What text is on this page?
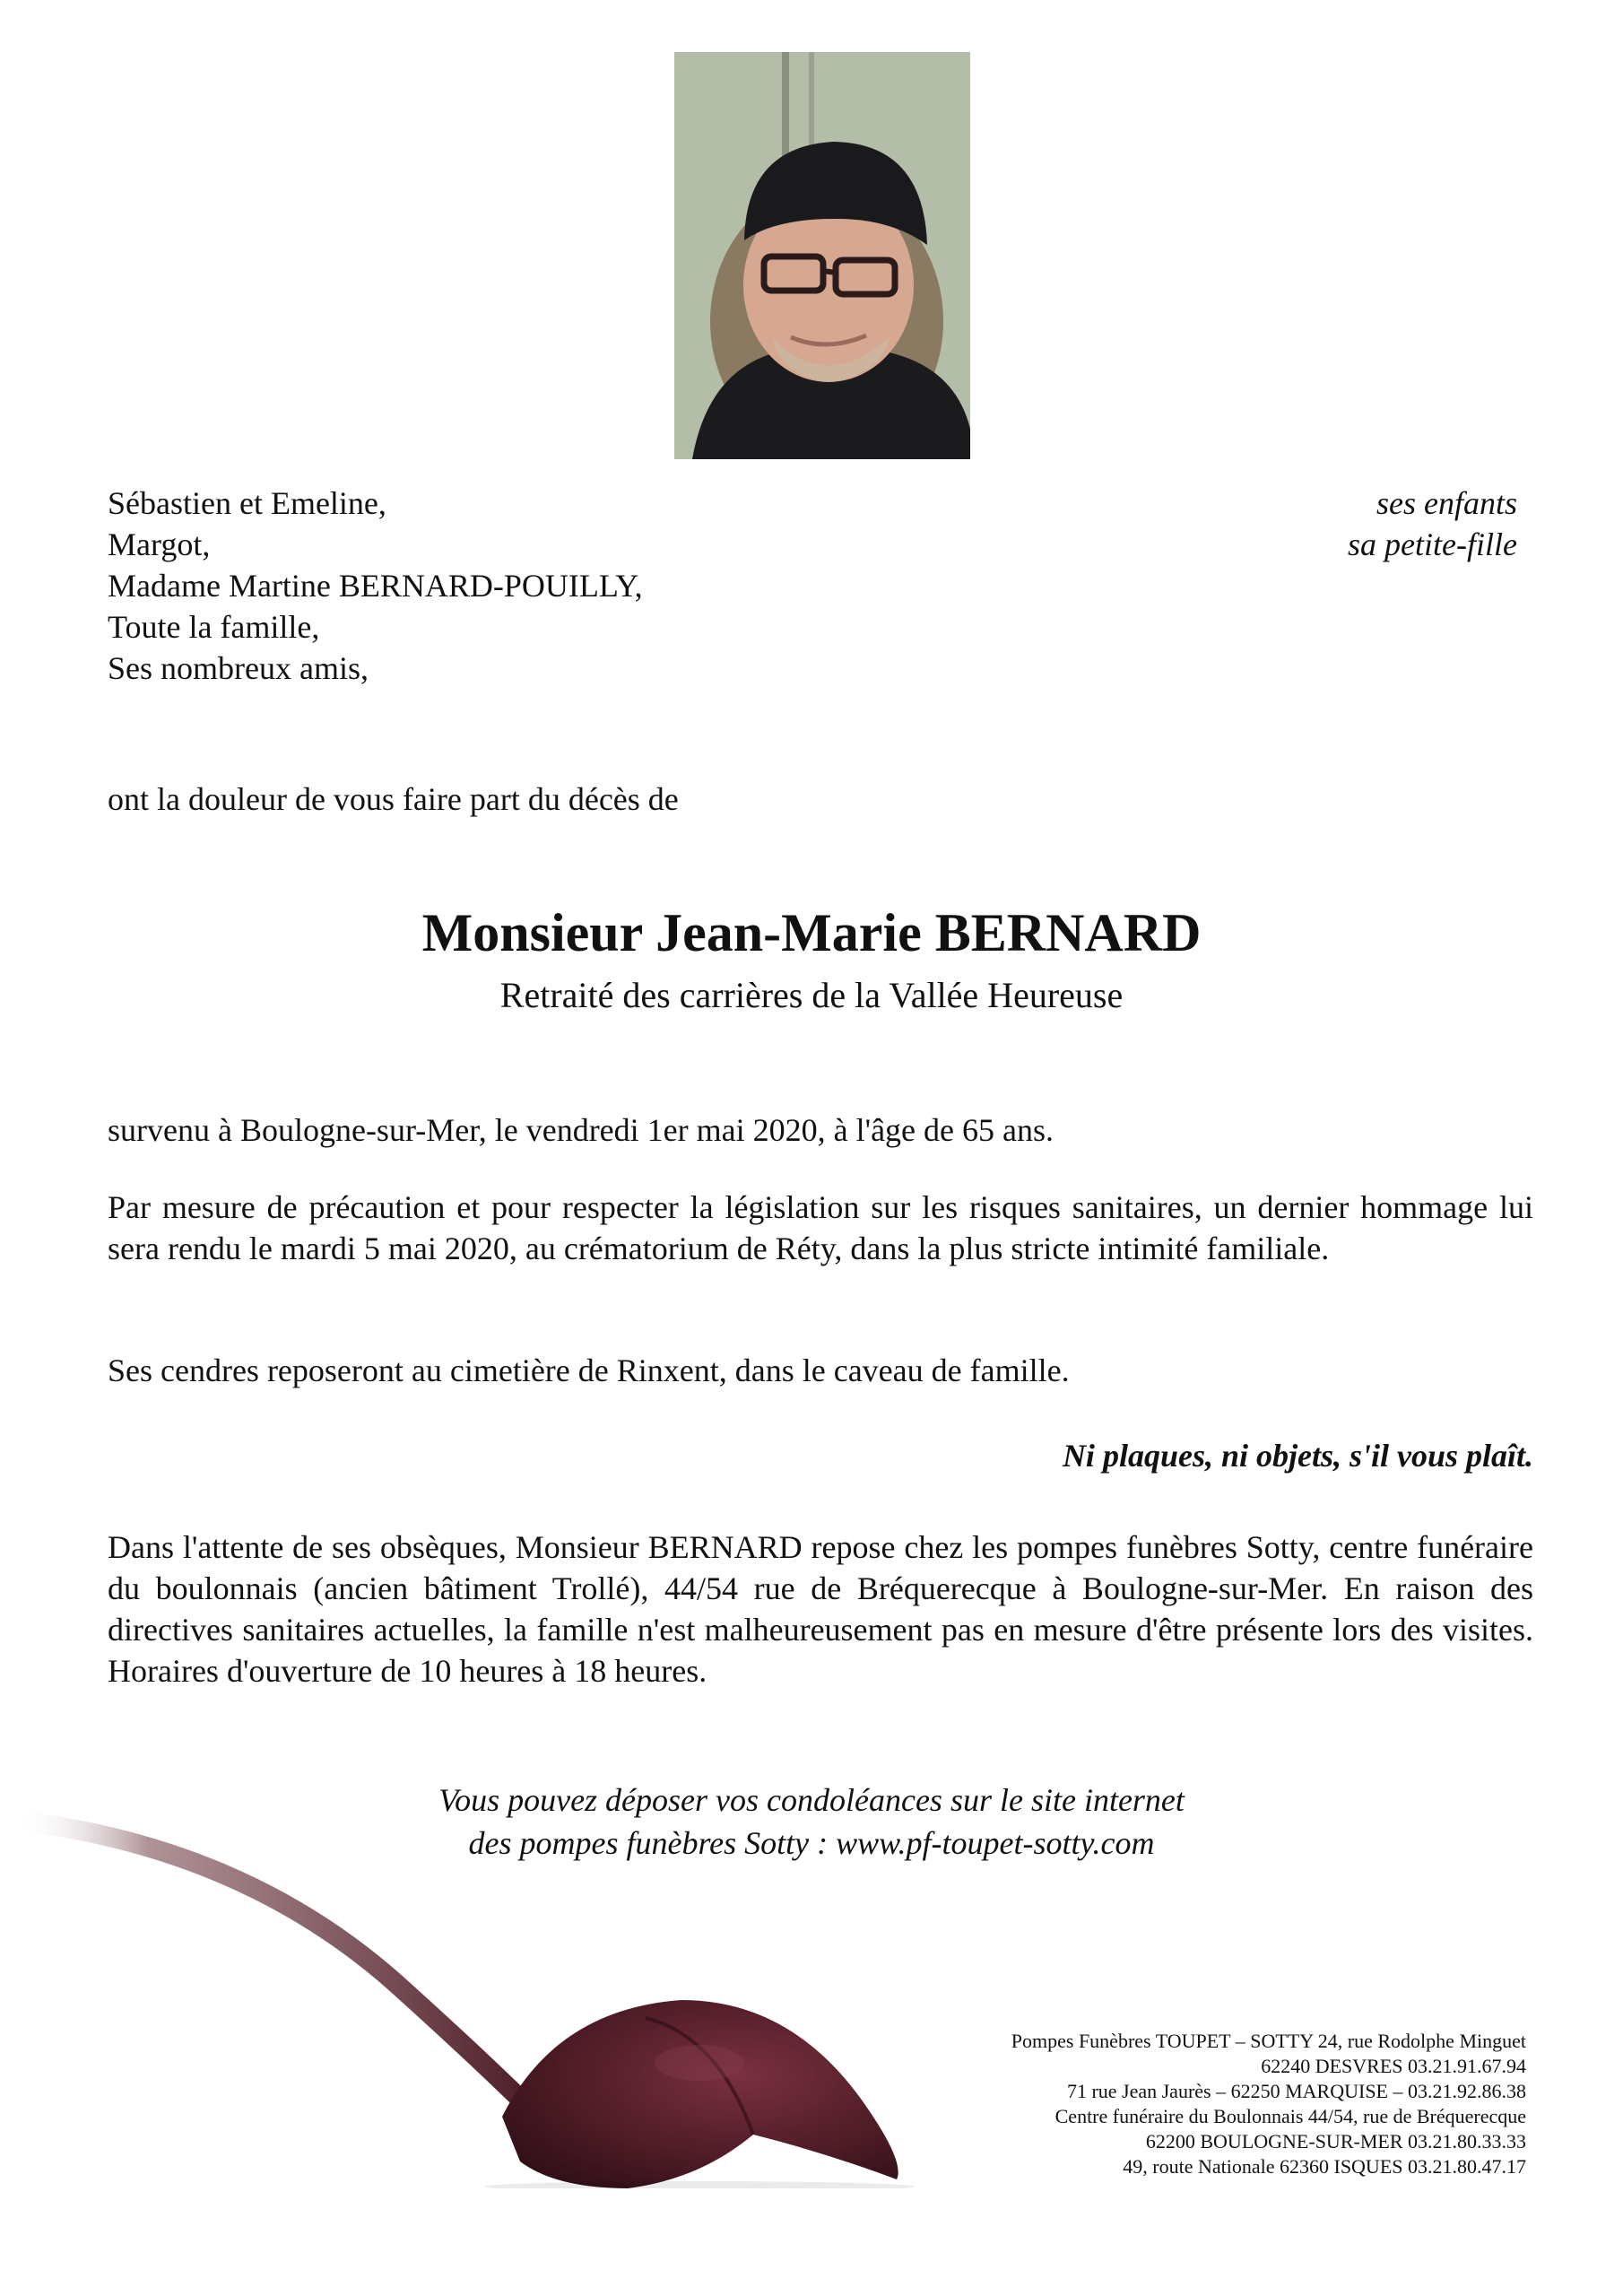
Sébastien et Emeline,
Margot,
Madame Martine BERNARD-POUILLY,
Toute la famille,
Ses nombreux amis,
ses enfants
sa petite-fille
ont la douleur de vous faire part du décès de
Monsieur Jean-Marie BERNARD
Retraité des carrières de la Vallée Heureuse
survenu à Boulogne-sur-Mer, le vendredi 1er mai 2020, à l'âge de 65 ans.
Par mesure de précaution et pour respecter la législation sur les risques sanitaires, un dernier hommage lui sera rendu le mardi 5 mai 2020, au crématorium de Réty, dans la plus stricte intimité familiale.
Ses cendres reposeront au cimetière de Rinxent, dans le caveau de famille.
Ni plaques, ni objets, s'il vous plaît.
Dans l'attente de ses obsèques, Monsieur BERNARD repose chez les pompes funèbres Sotty, centre funéraire du boulonnais (ancien bâtiment Trollé), 44/54 rue de Bréquerecque à Boulogne-sur-Mer. En raison des directives sanitaires actuelles, la famille n'est malheureusement pas en mesure d'être présente lors des visites. Horaires d'ouverture de 10 heures à 18 heures.
Vous pouvez déposer vos condoléances sur le site internet
des pompes funèbres Sotty : www.pf-toupet-sotty.com
Pompes Funèbres TOUPET – SOTTY 24, rue Rodolphe Minguet
62240 DESVRES 03.21.91.67.94
71 rue Jean Jaurès – 62250 MARQUISE – 03.21.92.86.38
Centre funéraire du Boulonnais 44/54, rue de Bréquerecque
62200 BOULOGNE-SUR-MER 03.21.80.33.33
49, route Nationale 62360 ISQUES 03.21.80.47.17
